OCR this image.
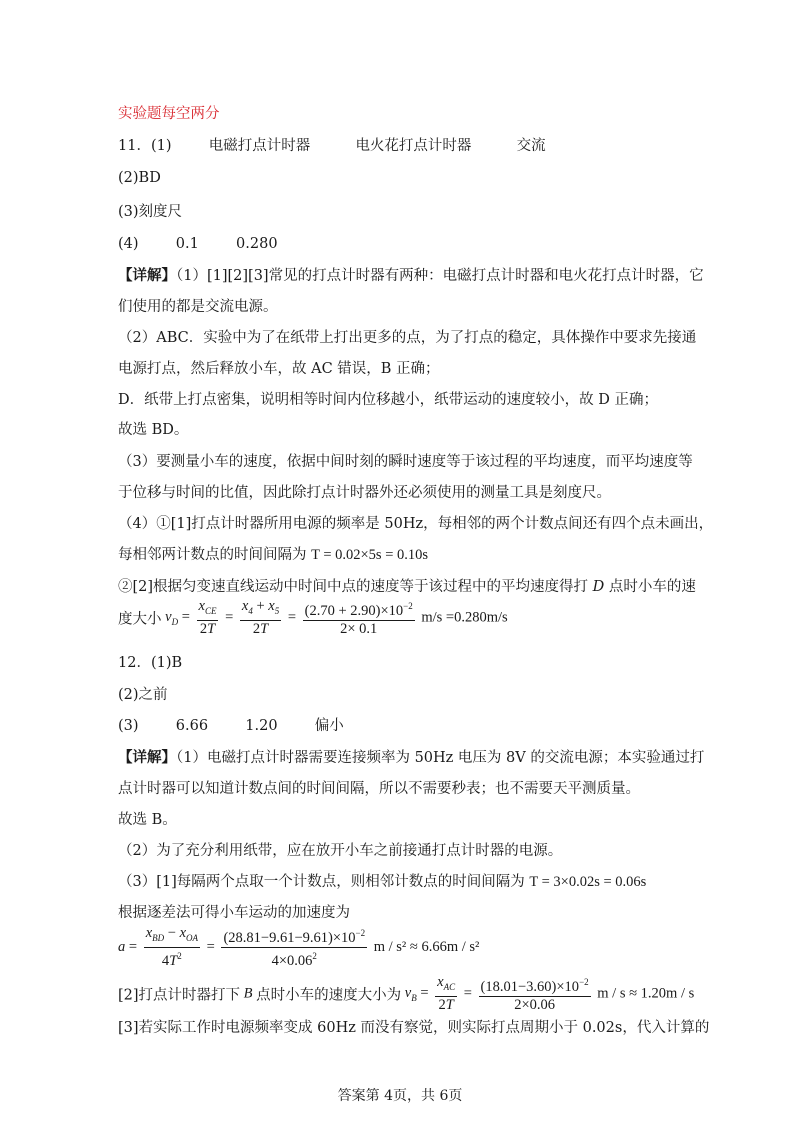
实验题每空两分
11．(1)	电磁打点计时器	电火花打点计时器	交流
(2)BD
(3)刻度尺
(4)	0.1	0.280
【详解】（1）[1][2][3]常见的打点计时器有两种：电磁打点计时器和电火花打点计时器，它
们使用的都是交流电源。
（2）ABC．实验中为了在纸带上打出更多的点，为了打点的稳定，具体操作中要求先接通
电源打点，然后释放小车，故 AC 错误，B 正确；
D．纸带上打点密集，说明相等时间内位移越小，纸带运动的速度较小，故 D 正确；
故选 BD。
（3）要测量小车的速度，依据中间时刻的瞬时速度等于该过程的平均速度，而平均速度等
于位移与时间的比值，因此除打点计时器外还必须使用的测量工具是刻度尺。
（4）①[1]打点计时器所用电源的频率是 50Hz，每相邻的两个计数点间还有四个点未画出，
每相邻两计数点的时间间隔为 T = 0.02×5s = 0.10s
②[2]根据匀变速直线运动中时间中点的速度等于该过程中的平均速度得打 D 点时小车的速
度大小 $v_D = \frac{x_{CE}}{2T} = \frac{x_4 + x_5}{2T} = \frac{(2.70 + 2.90)\times 10^{-2}}{2\times 0.1} m/s =0.280m/s$
12．(1)B
(2)之前
(3)	6.66	1.20	偏小
【详解】（1）电磁打点计时器需要连接频率为 50Hz 电压为 8V 的交流电源；本实验通过打
点计时器可以知道计数点间的时间间隔，所以不需要秒表；也不需要天平测质量。
故选 B。
（2）为了充分利用纸带，应在放开小车之前接通打点计时器的电源。
（3）[1]每隔两个点取一个计数点，则相邻计数点的时间间隔为 T = 3×0.02s = 0.06s
根据逐差法可得小车运动的加速度为
$a = \frac{x_{BD} - x_{OA}}{4T^2} = \frac{(28.81-9.61-9.61)\times 10^{-2}}{4\times 0.06^2}$ m / s² ≈ 6.66m / s²
[2]打点计时器打下 B 点时小车的速度大小为 $v_B = \frac{x_{AC}}{2T} = \frac{(18.01-3.60)\times 10^{-2}}{2\times 0.06}$ m / s ≈ 1.20m / s
[3]若实际工作时电源频率变成 60Hz 而没有察觉，则实际打点周期小于 0.02s，代入计算的
答案第 4页，共 6页
